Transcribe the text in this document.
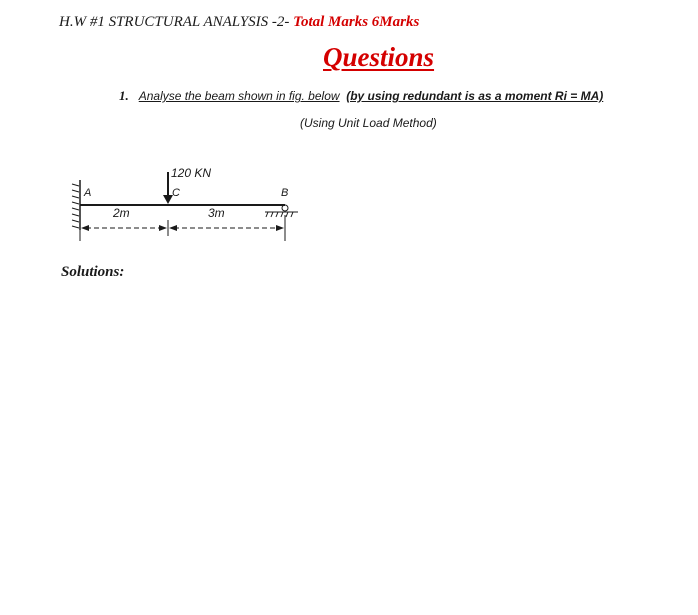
H.W #1 STRUCTURAL ANALYSIS -2- Total Marks 6Marks
Questions
1. Analyse the beam shown in fig. below (by using redundant is as a moment Ri = MA)
(Using Unit Load Method)
120 KN
A	C	B
2m	3m
Solutions:
